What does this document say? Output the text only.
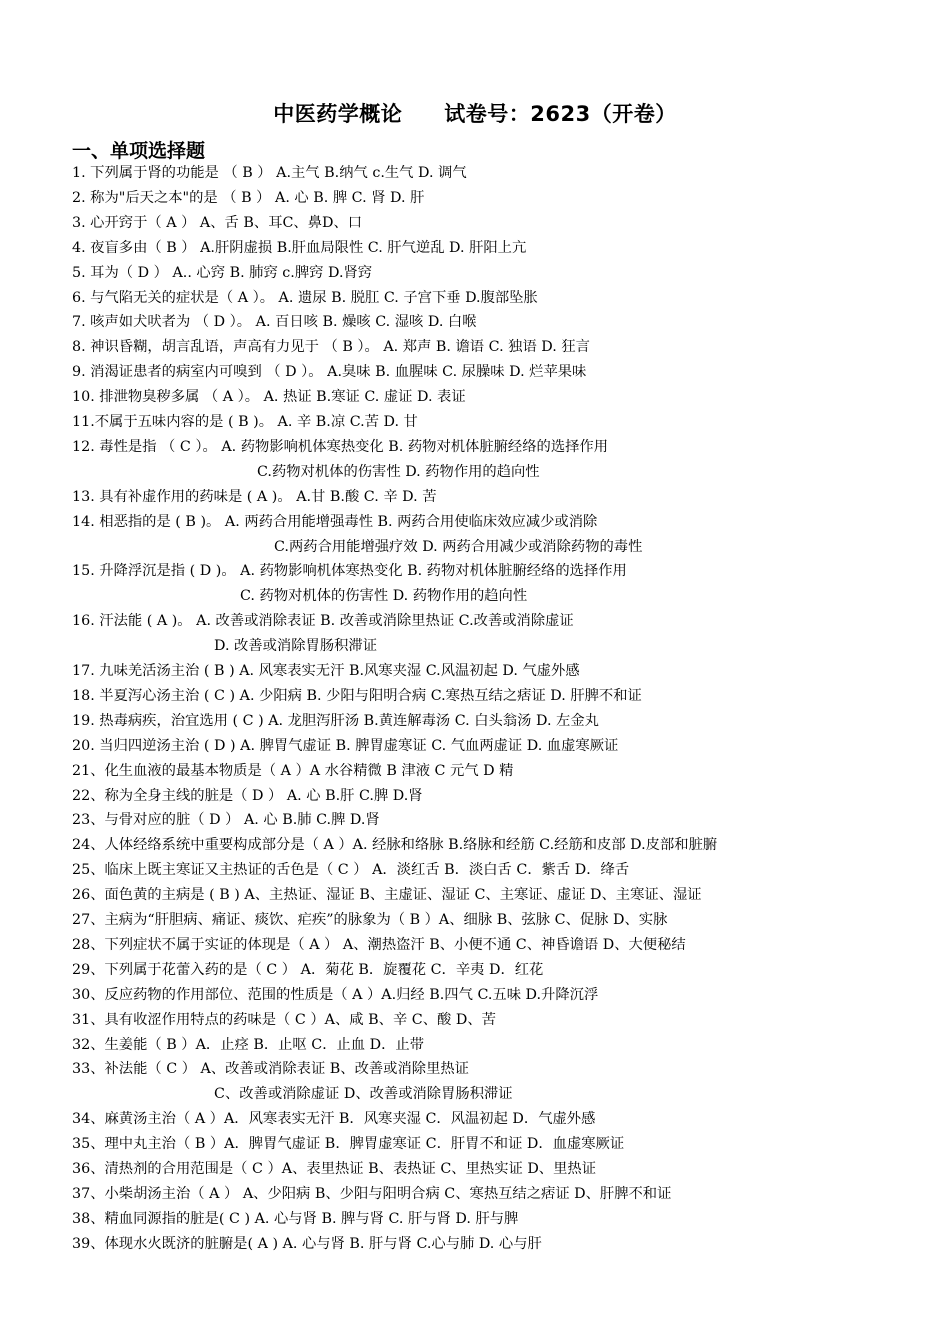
中医药学概论 试卷号：2623（开卷）
一、单项选择题
1. 下列属于肾的功能是 （ B ） A.主气 B.纳气 c.生气 D. 调气
2. 称为"后天之本"的是 （ B ） A. 心 B. 脾 C. 肾 D. 肝
3. 心开窍于（ A ） A、舌 B、耳C、鼻D、口
4. 夜盲多由（ B ） A.肝阴虚损 B.肝血局限性 C. 肝气逆乱 D. 肝阳上亢
5. 耳为（ D ） A.. 心窍 B. 肺窍 c.脾窍 D.肾窍
6. 与气陷无关的症状是（ A ）。 A. 遗尿 B. 脱肛 C. 子宫下垂 D.腹部坠胀
7. 咳声如犬吠者为 （ D ）。 A. 百日咳 B. 燥咳 C. 湿咳 D. 白喉
8. 神识昏糊，胡言乱语，声高有力见于 （ B ）。 A. 郑声 B. 谵语 C. 独语 D. 狂言
9. 消渴证患者的病室内可嗅到 （ D ）。 A.臭味 B. 血腥味 C. 尿臊味 D. 烂苹果味
10. 排泄物臭秽多属 （ A ）。 A. 热证 B.寒证 C. 虚证 D. 表证
11.不属于五味内容的是 ( B )。 A. 辛 B.凉 C.苦 D. 甘
12. 毒性是指 （ C ）。 A. 药物影响机体寒热变化 B. 药物对机体脏腑经络的选择作用
C.药物对机体的伤害性 D. 药物作用的趋向性
13. 具有补虚作用的药味是 ( A )。 A.甘 B.酸 C. 辛 D. 苦
14. 相恶指的是 ( B )。 A. 两药合用能增强毒性 B. 两药合用使临床效应减少或消除
C.两药合用能增强疗效 D. 两药合用减少或消除药物的毒性
15. 升降浮沉是指 ( D )。 A. 药物影响机体寒热变化 B. 药物对机体脏腑经络的选择作用
C. 药物对机体的伤害性 D. 药物作用的趋向性
16. 汗法能 ( A )。 A. 改善或消除表证 B. 改善或消除里热证 C.改善或消除虚证
D. 改善或消除胃肠积滞证
17. 九味羌活汤主治 ( B ) A. 风寒表实无汗 B.风寒夹湿 C.风温初起 D. 气虚外感
18. 半夏泻心汤主治 ( C ) A. 少阳病 B. 少阳与阳明合病 C.寒热互结之痞证 D. 肝脾不和证
19. 热毒病疾，治宜选用 ( C ) A. 龙胆泻肝汤 B.黄连解毒汤 C. 白头翁汤 D. 左金丸
20. 当归四逆汤主治 ( D ) A. 脾胃气虚证 B. 脾胃虚寒证 C. 气血两虚证 D. 血虚寒厥证
21、化生血液的最基本物质是（ A ）A 水谷精微 B 津液 C 元气 D 精
22、称为全身主线的脏是（ D ） A. 心 B.肝 C.脾 D.肾
23、与骨对应的脏（ D ） A. 心 B.肺 C.脾 D.肾
24、人体经络系统中重要构成部分是（ A ）A. 经脉和络脉 B.络脉和经筋 C.经筋和皮部 D.皮部和脏腑
25、临床上既主寒证又主热证的舌色是（ C ） A．淡红舌 B．淡白舌 C．紫舌 D．绛舌
26、面色黄的主病是 ( B ) A、主热证、湿证 B、主虚证、湿证 C、主寒证、虚证 D、主寒证、湿证
27、主病为“肝胆病、痛证、痰饮、疟疾”的脉象为（ B ）A、细脉 B、弦脉 C、促脉 D、实脉
28、下列症状不属于实证的体现是（ A ） A、潮热盗汗 B、小便不通 C、神昏谵语 D、大便秘结
29、下列属于花蕾入药的是（ C ） A．菊花 B．旋覆花 C．辛夷 D．红花
30、反应药物的作用部位、范围的性质是（ A ）A.归经 B.四气 C.五味 D.升降沉浮
31、具有收涩作用特点的药味是（ C ）A、咸 B、辛 C、酸 D、苦
32、生姜能（ B ）A．止痉 B．止呕 C．止血 D．止带
33、补法能（ C ） A、改善或消除表证 B、改善或消除里热证
C、改善或消除虚证 D、改善或消除胃肠积滞证
34、麻黄汤主治（ A ）A．风寒表实无汗 B．风寒夹湿 C．风温初起 D．气虚外感
35、理中丸主治（ B ）A．脾胃气虚证 B．脾胃虚寒证 C．肝胃不和证 D．血虚寒厥证
36、清热剂的合用范围是（ C ）A、表里热证 B、表热证 C、里热实证 D、里热证
37、小柴胡汤主治（ A ） A、少阳病 B、少阳与阳明合病 C、寒热互结之痞证 D、肝脾不和证
38、精血同源指的脏是( C ) A. 心与肾 B. 脾与肾 C. 肝与肾 D. 肝与脾
39、体现水火既济的脏腑是( A ) A. 心与肾 B. 肝与肾 C.心与肺 D. 心与肝
